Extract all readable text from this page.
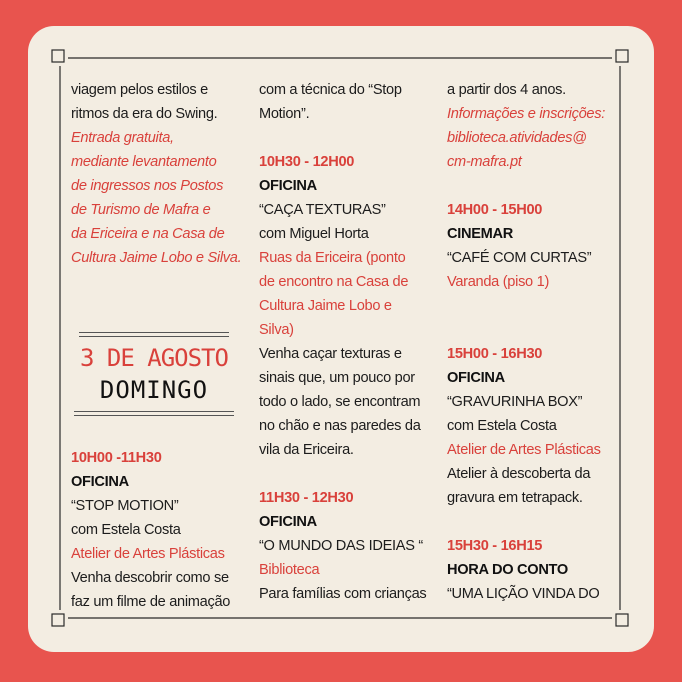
viagem pelos estilos e
ritmos da era do Swing.
Entrada gratuita,
mediante levantamento
de ingressos nos Postos
de Turismo de Mafra e
da Ericeira e na Casa de
Cultura Jaime Lobo e Silva.
3 DE AGOSTO
DOMINGO
10H00 -11H30
OFICINA
“STOP MOTION”
com Estela Costa
Atelier de Artes Plásticas
Venha descobrir como se
faz um filme de animação
com a técnica do “Stop
Motion”.
10H30 - 12H00
OFICINA
“CAÇA TEXTURAS”
com Miguel Horta
Ruas da Ericeira (ponto
de encontro na Casa de
Cultura Jaime Lobo e
Silva)
Venha caçar texturas e
sinais que, um pouco por
todo o lado, se encontram
no chão e nas paredes da
vila da Ericeira.
11H30 - 12H30
OFICINA
“O MUNDO DAS IDEIAS “
Biblioteca
Para famílias com crianças
a partir dos 4 anos.
Informações e inscrições:
biblioteca.atividades@
cm-mafra.pt
14H00 - 15H00
CINEMAR
“CAFÉ COM CURTAS”
Varanda (piso 1)
15H00 - 16H30
OFICINA
“GRAVURINHA BOX”
com Estela Costa
Atelier de Artes Plásticas
Atelier à descoberta da
gravura em tetrapack.
15H30 - 16H15
HORA DO CONTO
“UMA LIÇÃO VINDA DO
